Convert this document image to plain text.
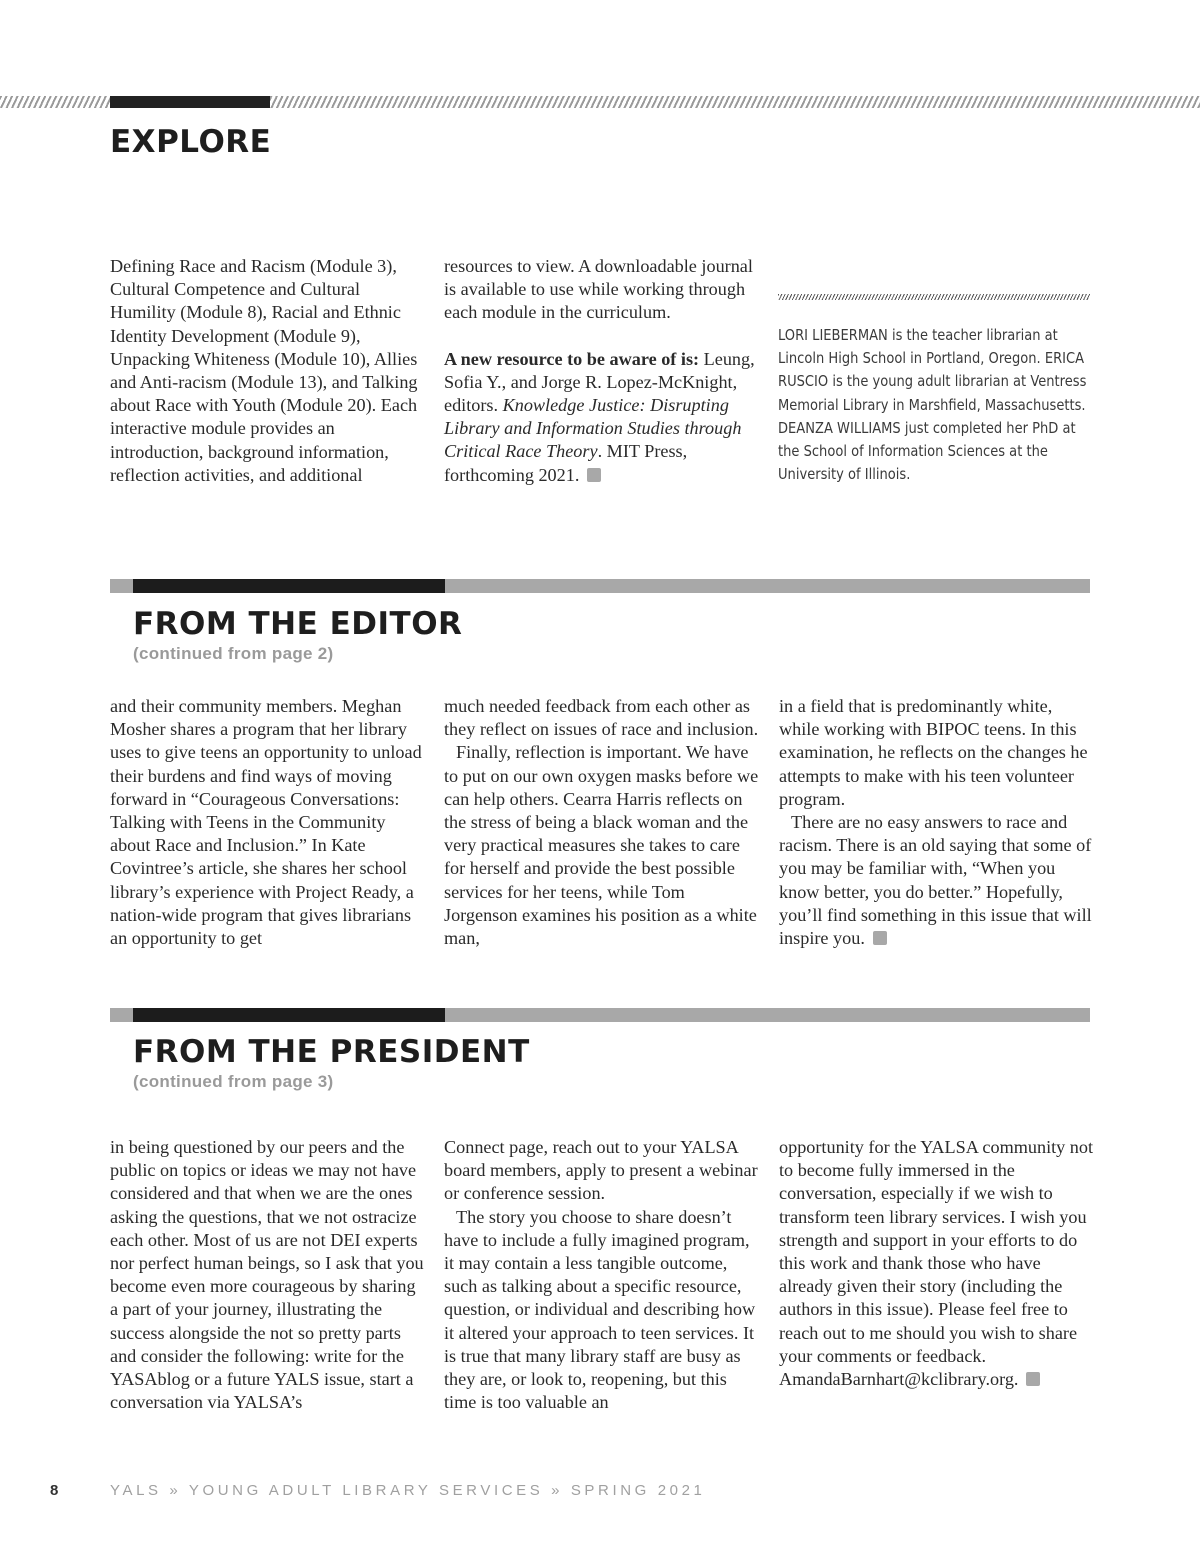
EXPLORE

Defining Race and Racism (Module 3), Cultural Competence and Cultural Humility (Module 8), Racial and Ethnic Identity Development (Module 9), Unpacking Whiteness (Module 10), Allies and Anti-racism (Module 13), and Talking about Race with Youth (Module 20). Each interactive module provides an introduction, background information, reflection activities, and additional

resources to view. A downloadable journal is available to use while working through each module in the curriculum.

A new resource to be aware of is: Leung, Sofia Y., and Jorge R. Lopez-McKnight, editors. Knowledge Justice: Disrupting Library and Information Studies through Critical Race Theory. MIT Press, forthcoming 2021.

LORI LIEBERMAN is the teacher librarian at Lincoln High School in Portland, Oregon. ERICA RUSCIO is the young adult librarian at Ventress Memorial Library in Marshfield, Massachusetts. DEANZA WILLIAMS just completed her PhD at the School of Information Sciences at the University of Illinois.
FROM THE EDITOR
(continued from page 2)

and their community members. Meghan Mosher shares a program that her library uses to give teens an opportunity to unload their burdens and find ways of moving forward in “Courageous Conversations: Talking with Teens in the Community about Race and Inclusion.” In Kate Covintree’s article, she shares her school library’s experience with Project Ready, a nation-wide program that gives librarians an opportunity to get

much needed feedback from each other as they reflect on issues of race and inclusion.

Finally, reflection is important. We have to put on our own oxygen masks before we can help others. Cearra Harris reflects on the stress of being a black woman and the very practical measures she takes to care for herself and provide the best possible services for her teens, while Tom Jorgenson examines his position as a white man,

in a field that is predominantly white, while working with BIPOC teens. In this examination, he reflects on the changes he attempts to make with his teen volunteer program.

There are no easy answers to race and racism. There is an old saying that some of you may be familiar with, “When you know better, you do better.” Hopefully, you’ll find something in this issue that will inspire you.

FROM THE PRESIDENT
(continued from page 3)

in being questioned by our peers and the public on topics or ideas we may not have considered and that when we are the ones asking the questions, that we not ostracize each other. Most of us are not DEI experts nor perfect human beings, so I ask that you become even more courageous by sharing a part of your journey, illustrating the success alongside the not so pretty parts and consider the following: write for the YASAblog or a future YALS issue, start a conversation via YALSA’s

Connect page, reach out to your YALSA board members, apply to present a webinar or conference session.

The story you choose to share doesn’t have to include a fully imagined program, it may contain a less tangible outcome, such as talking about a specific resource, question, or individual and describing how it altered your approach to teen services. It is true that many library staff are busy as they are, or look to, reopening, but this time is too valuable an

opportunity for the YALSA community not to become fully immersed in the conversation, especially if we wish to transform teen library services. I wish you strength and support in your efforts to do this work and thank those who have already given their story (including the authors in this issue). Please feel free to reach out to me should you wish to share your comments or feedback. AmandaBarnhart@kclibrary.org.

8	YALS » YOUNG ADULT LIBRARY SERVICES » SPRING 2021
